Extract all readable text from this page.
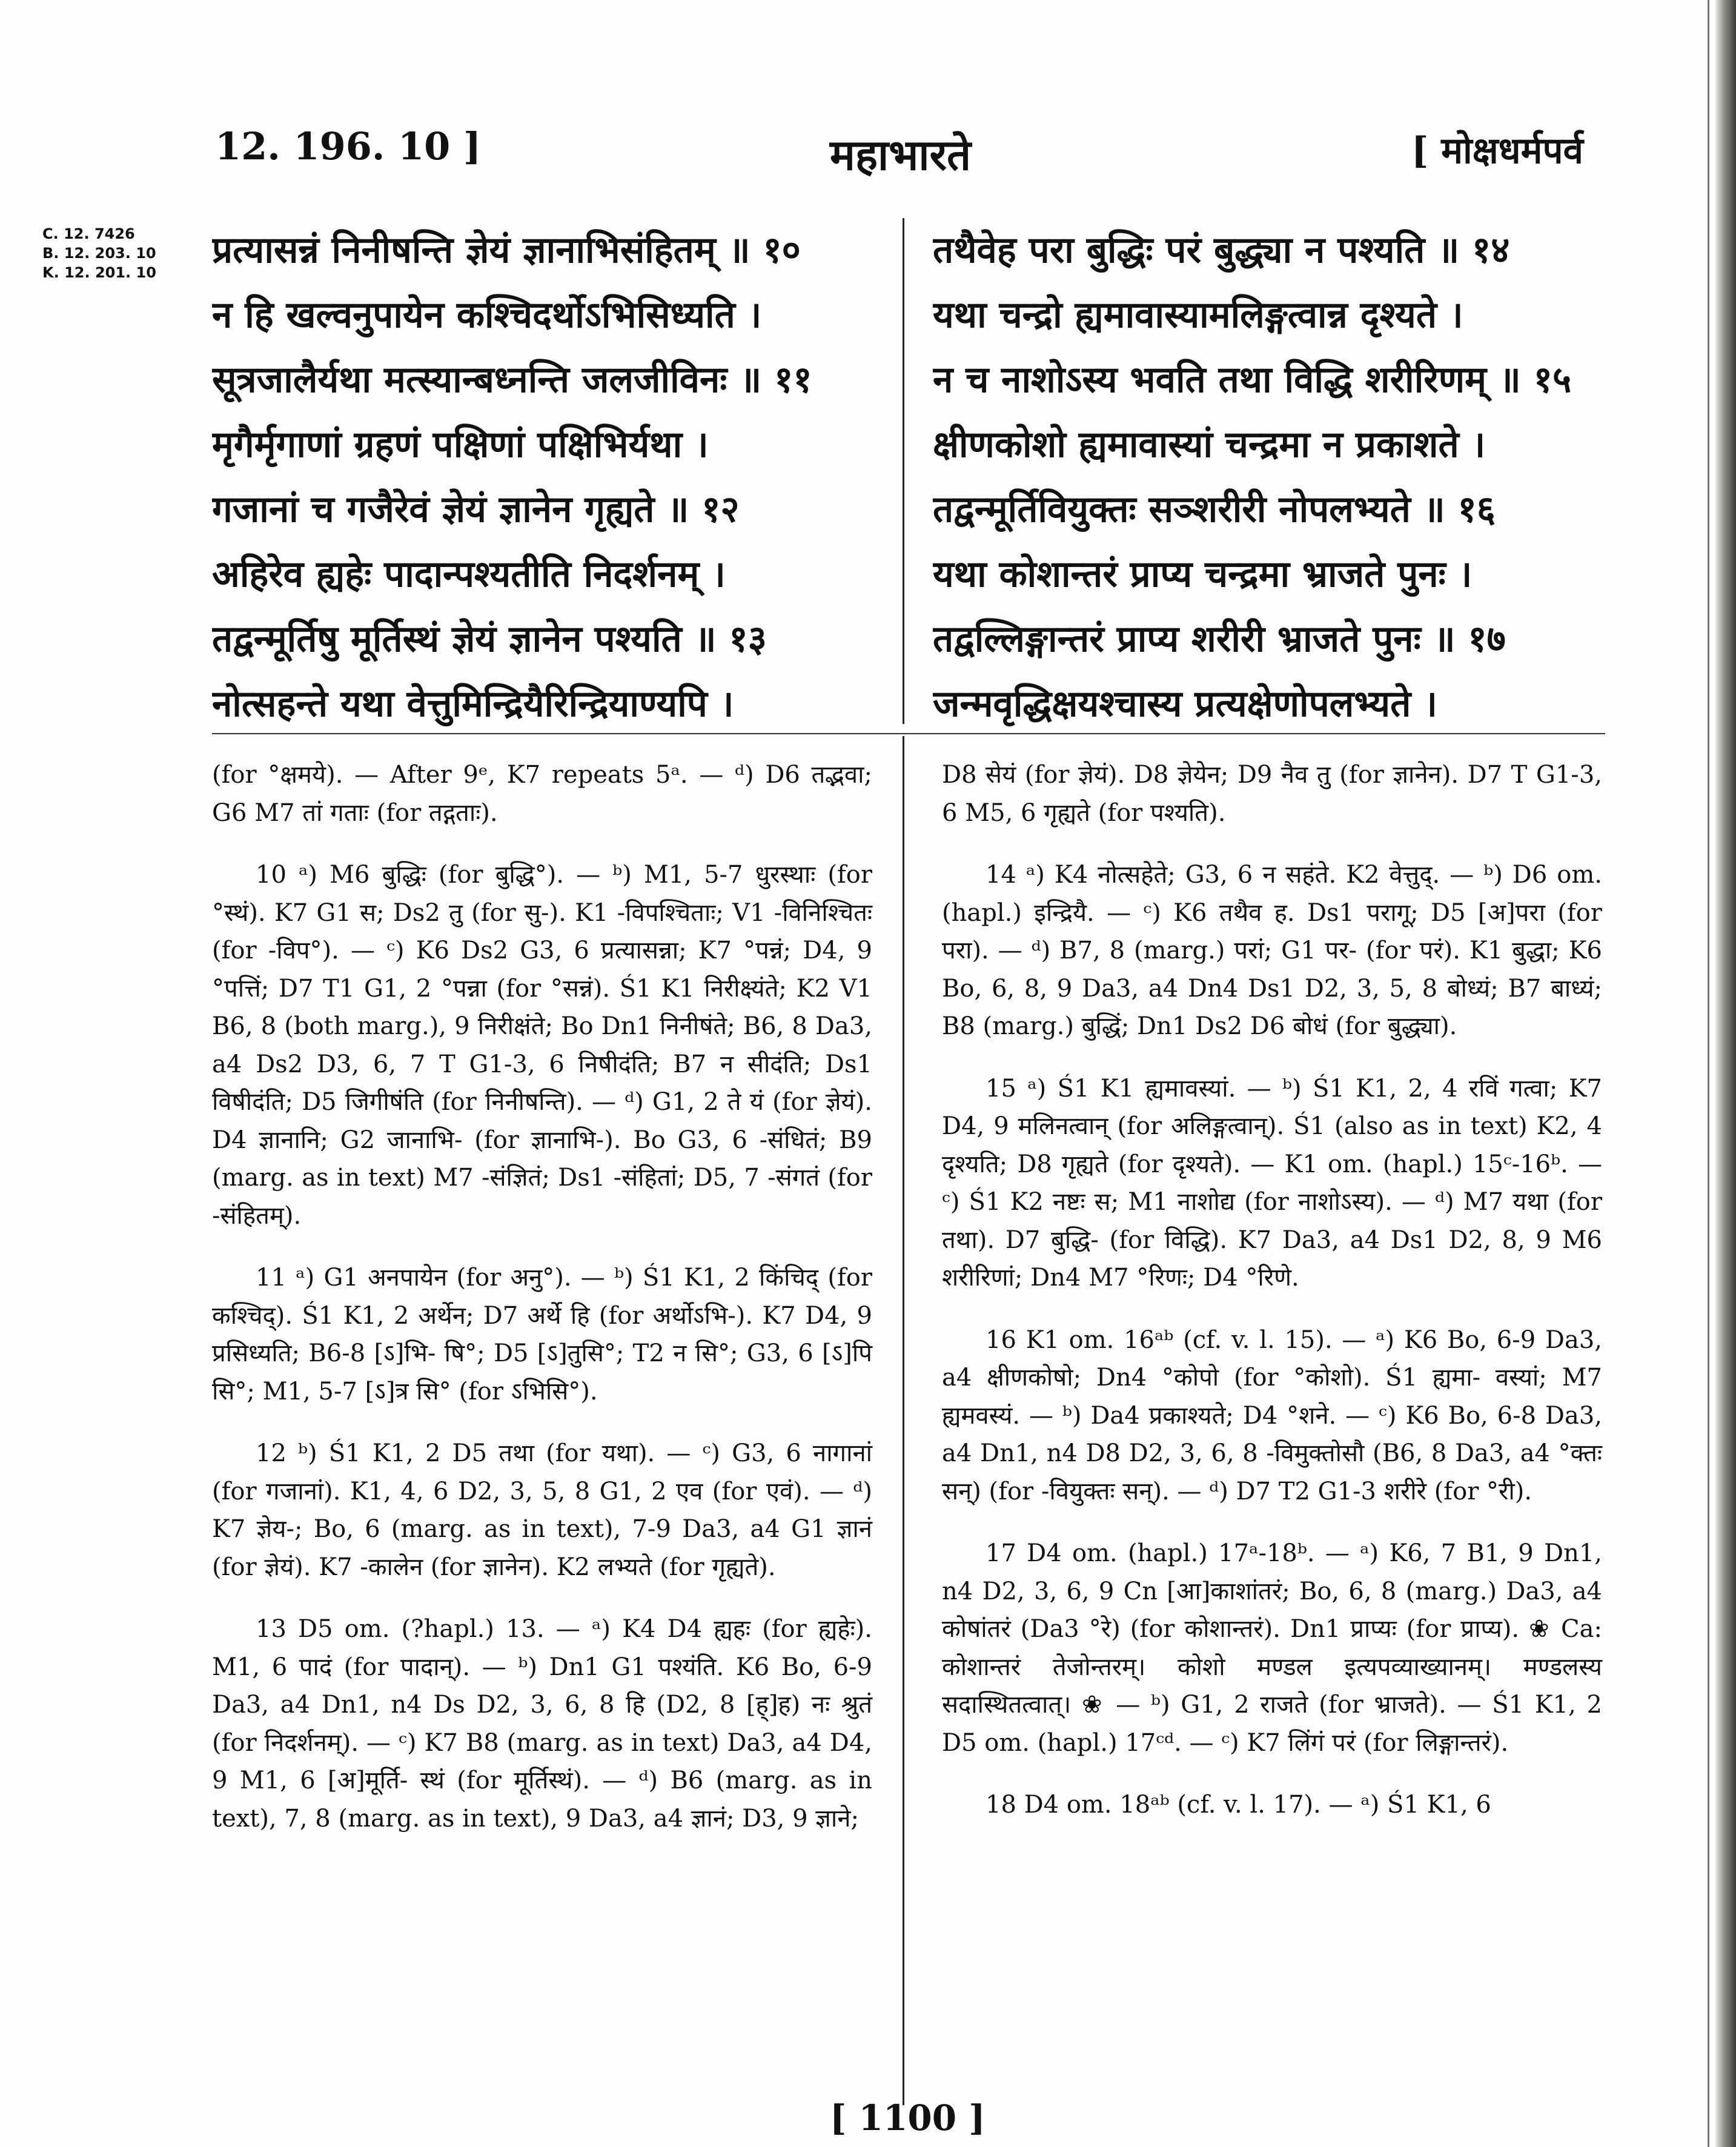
12. 196. 10 ]	महाभारते	[ मोक्षधर्मपर्व
C. 12. 7426
B. 12. 203. 10
K. 12. 201. 10
प्रत्यासन्नं निनीषन्ति ज्ञेयं ज्ञानाभिसंहितम् ॥ १०
न हि खल्वनुपायेन कश्चिदर्थोऽभिसिध्यति ।
सूत्रजालैर्यथा मत्स्यान्बध्नन्ति जलजीविनः ॥ ११
मृगैर्मृगाणां ग्रहणं पक्षिणां पक्षिभिर्यथा ।
गजानां च गजैरेवं ज्ञेयं ज्ञानेन गृह्यते ॥ १२
अहिरेव ह्यहेः पादान्पश्यतीति निदर्शनम् ।
तद्वन्मूर्तिषु मूर्तिस्थं ज्ञेयं ज्ञानेन पश्यति ॥ १३
नोत्सहन्ते यथा वेत्तुमिन्द्रियैरिन्द्रियाण्यपि ।
तथैवेह परा बुद्धिः परं बुद्ध्या न पश्यति ॥ १४
यथा चन्द्रो ह्यमावास्यामलिङ्गत्वान्न दृश्यते ।
न च नाशोऽस्य भवति तथा विद्धि शरीरिणम् ॥ १५
क्षीणकोशो ह्यमावास्यां चन्द्रमा न प्रकाशते ।
तद्वन्मूर्तिवियुक्तः सञ्शरीरी नोपलभ्यते ॥ १६
यथा कोशान्तरं प्राप्य चन्द्रमा भ्राजते पुनः ।
तद्वल्लिङ्गान्तरं प्राप्य शरीरी भ्राजते पुनः ॥ १७
जन्मवृद्धिक्षयश्चास्य प्रत्यक्षेणोपलभ्यते ।
(for °क्षमये). — After 9ᵉ, K7 repeats 5ᵃ. — ᵈ) D6 तद्भवा; G6 M7 तां गताः (for तद्गताः).
10 ᵃ) M6 बुद्धिः (for बुद्धि°). — ᵇ) M1, 5-7 धुरस्थाः (for °स्थं). K7 G1 स; Ds2 तु (for सु-). K1 -विपश्चिताः; V1 -विनिश्चितः (for -विप°). — ᶜ) K6 Ds2 G3, 6 प्रत्यासन्ना; K7 °पन्नं; D4, 9 °पत्तिं; D7 T1 G1, 2 °पन्ना (for °सन्नं). Ś1 K1 निरीक्ष्यंते; K2 V1 B6, 8 (both marg.), 9 निरीक्षंते; Bo Dn1 निनीषंते; B6, 8 Da3, a4 Ds2 D3, 6, 7 T G1-3, 6 निषीदंति; B7 न सीदंति; Ds1 विषीदंति; D5 जिगीषंति (for निनीषन्ति). — ᵈ) G1, 2 ते यं (for ज्ञेयं). D4 ज्ञानानि; G2 जानाभि- (for ज्ञानाभि-). Bo G3, 6 -संधितं; B9 (marg. as in text) M7 -संज्ञितं; Ds1 -संहितां; D5, 7 -संगतं (for -संहितम्).
11 ᵃ) G1 अनपायेन (for अनु°). — ᵇ) Ś1 K1, 2 किंचिद् (for कश्चिद्). Ś1 K1, 2 अर्थेन; D7 अर्थे हि (for अर्थोऽभि-). K7 D4, 9 प्रसिध्यति; B6-8 [ऽ]भि- षि°; D5 [ऽ]तुसि°; T2 न सि°; G3, 6 [ऽ]पि सि°; M1, 5-7 [ऽ]त्र सि° (for ऽभिसि°).
12 ᵇ) Ś1 K1, 2 D5 तथा (for यथा). — ᶜ) G3, 6 नागानां (for गजानां). K1, 4, 6 D2, 3, 5, 8 G1, 2 एव (for एवं). — ᵈ) K7 ज्ञेय-; Bo, 6 (marg. as in text), 7-9 Da3, a4 G1 ज्ञानं (for ज्ञेयं). K7 -कालेन (for ज्ञानेन). K2 लभ्यते (for गृह्यते).
13 D5 om. (?hapl.) 13. — ᵃ) K4 D4 ह्यहः (for ह्यहेः). M1, 6 पादं (for पादान्). — ᵇ) Dn1 G1 पश्यंति. K6 Bo, 6-9 Da3, a4 Dn1, n4 Ds D2, 3, 6, 8 हि (D2, 8 [ह्]ह) नः श्रुतं (for निदर्शनम्). — ᶜ) K7 B8 (marg. as in text) Da3, a4 D4, 9 M1, 6 [अ]मूर्ति- स्थं (for मूर्तिस्थं). — ᵈ) B6 (marg. as in text), 7, 8 (marg. as in text), 9 Da3, a4 ज्ञानं; D3, 9 ज्ञाने;
D8 सेयं (for ज्ञेयं). D8 ज्ञेयेन; D9 नैव तु (for ज्ञानेन). D7 T G1-3, 6 M5, 6 गृह्यते (for पश्यति).
14 ᵃ) K4 नोत्सहेते; G3, 6 न सहंते. K2 वेत्तुद्. — ᵇ) D6 om. (hapl.) इन्द्रियै. — ᶜ) K6 तथैव ह. Ds1 परागू; D5 [अ]परा (for परा). — ᵈ) B7, 8 (marg.) परां; G1 पर- (for परं). K1 बुद्धा; K6 Bo, 6, 8, 9 Da3, a4 Dn4 Ds1 D2, 3, 5, 8 बोध्यं; B7 बाध्यं; B8 (marg.) बुद्धिं; Dn1 Ds2 D6 बोधं (for बुद्ध्या).
15 ᵃ) Ś1 K1 ह्यमावस्यां. — ᵇ) Ś1 K1, 2, 4 रविं गत्वा; K7 D4, 9 मलिनत्वान् (for अलिङ्गत्वान्). Ś1 (also as in text) K2, 4 दृश्यति; D8 गृह्यते (for दृश्यते). — K1 om. (hapl.) 15ᶜ-16ᵇ. — ᶜ) Ś1 K2 नष्टः स; M1 नाशोद्य (for नाशोऽस्य). — ᵈ) M7 यथा (for तथा). D7 बुद्धि- (for विद्धि). K7 Da3, a4 Ds1 D2, 8, 9 M6 शरीरिणां; Dn4 M7 °रिणः; D4 °रिणे.
16 K1 om. 16ᵃᵇ (cf. v. l. 15). — ᵃ) K6 Bo, 6-9 Da3, a4 क्षीणकोषो; Dn4 °कोपो (for °कोशो). Ś1 ह्यमा- वस्यां; M7 ह्यमवस्यं. — ᵇ) Da4 प्रकाश्यते; D4 °शने. — ᶜ) K6 Bo, 6-8 Da3, a4 Dn1, n4 D8 D2, 3, 6, 8 -विमुक्तोसौ (B6, 8 Da3, a4 °क्तः सन्) (for -वियुक्तः सन्). — ᵈ) D7 T2 G1-3 शरीरे (for °री).
17 D4 om. (hapl.) 17ᵃ-18ᵇ. — ᵃ) K6, 7 B1, 9 Dn1, n4 D2, 3, 6, 9 Cn [आ]काशांतरं; Bo, 6, 8 (marg.) Da3, a4 कोषांतरं (Da3 °रे) (for कोशान्तरं). Dn1 प्राप्यः (for प्राप्य). ❀ Ca: कोशान्तरं तेजोन्तरम्। कोशो मण्डल इत्यपव्याख्यानम्। मण्डलस्य सदास्थितत्वात्। ❀ — ᵇ) G1, 2 राजते (for भ्राजते). — Ś1 K1, 2 D5 om. (hapl.) 17ᶜᵈ. — ᶜ) K7 लिंगं परं (for लिङ्गान्तरं).
18 D4 om. 18ᵃᵇ (cf. v. l. 17). — ᵃ) Ś1 K1, 6
[ 1100 ]
